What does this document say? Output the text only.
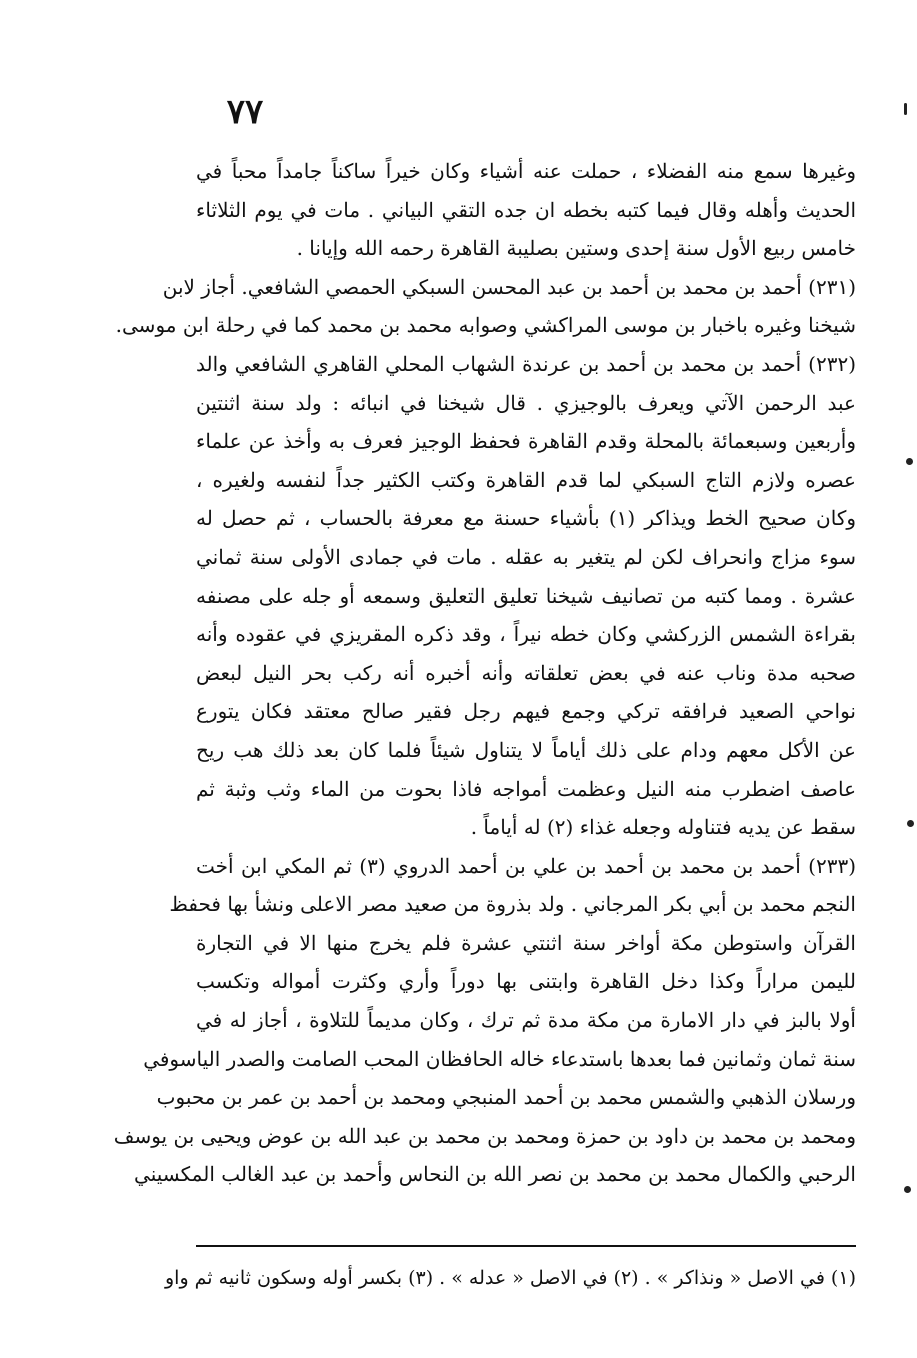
٧٧
وغيرها سمع منه الفضلاء ، حملت عنه أشياء وكان خيراً ساكناً جامداً محباً في
الحديث وأهله وقال فيما كتبه بخطه ان جده التقي البياني . مات في يوم الثلاثاء
خامس ربيع الأول سنة إحدى وستين بصليبة القاهرة رحمه الله وإيانا .
(٢٣١) أحمد بن محمد بن أحمد بن عبد المحسن السبكي الحمصي الشافعي. أجاز لابن
شيخنا وغيره باخبار بن موسى المراكشي وصوابه محمد بن محمد كما في رحلة ابن موسى.
(٢٣٢) أحمد بن محمد بن أحمد بن عرندة الشهاب المحلي القاهري الشافعي والد
عبد الرحمن الآتي ويعرف بالوجيزي . قال شيخنا في انبائه : ولد سنة اثنتين
وأربعين وسبعمائة بالمحلة وقدم القاهرة فحفظ الوجيز فعرف به وأخذ عن علماء
عصره ولازم التاج السبكي لما قدم القاهرة وكتب الكثير جداً لنفسه ولغيره ،
وكان صحيح الخط ويذاكر (١) بأشياء حسنة مع معرفة بالحساب ، ثم حصل له
سوء مزاج وانحراف لكن لم يتغير به عقله . مات في جمادى الأولى سنة ثماني
عشرة . ومما كتبه من تصانيف شيخنا تعليق التعليق وسمعه أو جله على مصنفه
بقراءة الشمس الزركشي وكان خطه نيراً ، وقد ذكره المقريزي في عقوده وأنه
صحبه مدة وناب عنه في بعض تعلقاته وأنه أخبره أنه ركب بحر النيل لبعض
نواحي الصعيد فرافقه تركي وجمع فيهم رجل فقير صالح معتقد فكان يتورع
عن الأكل معهم ودام على ذلك أياماً لا يتناول شيئاً فلما كان بعد ذلك هب ريح
عاصف اضطرب منه النيل وعظمت أمواجه فاذا بحوت من الماء وثب وثبة ثم
سقط عن يديه فتناوله وجعله غذاء (٢) له أياماً .
(٢٣٣) أحمد بن محمد بن أحمد بن علي بن أحمد الدروي (٣) ثم المكي ابن أخت
النجم محمد بن أبي بكر المرجاني . ولد بذروة من صعيد مصر الاعلى ونشأ بها فحفظ
القرآن واستوطن مكة أواخر سنة اثنتي عشرة فلم يخرج منها الا في التجارة
لليمن مراراً وكذا دخل القاهرة وابتنى بها دوراً وأري وكثرت أمواله وتكسب
أولا بالبز في دار الامارة من مكة مدة ثم ترك ، وكان مديماً للتلاوة ، أجاز له في
سنة ثمان وثمانين فما بعدها باستدعاء خاله الحافظان المحب الصامت والصدر الياسوفي
ورسلان الذهبي والشمس محمد بن أحمد المنبجي ومحمد بن أحمد بن عمر بن محبوب
ومحمد بن محمد بن داود بن حمزة ومحمد بن محمد بن عبد الله بن عوض ويحيى بن يوسف
الرحبي والكمال محمد بن محمد بن نصر الله بن النحاس وأحمد بن عبد الغالب المكسيني
(١) في الاصل « ونذاكر » . (٢) في الاصل « عدله » . (٣) بكسر أوله وسكون ثانيه ثم واو
